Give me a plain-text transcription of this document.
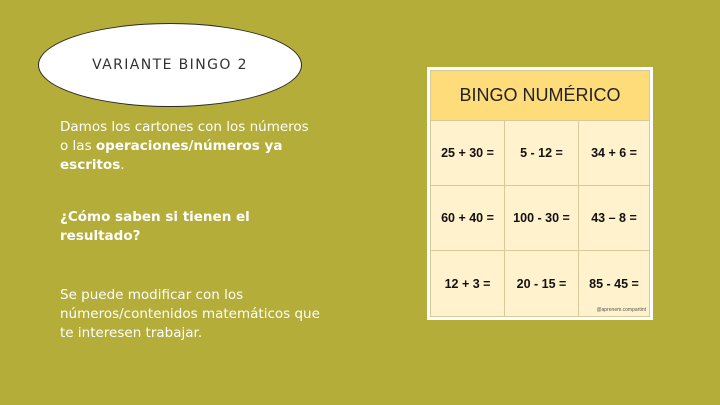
VARIANTE BINGO 2
Damos los cartones con los números o las operaciones/números ya escritos.
¿Cómo saben si tienen el resultado?
Se puede modificar con los números/contenidos matemáticos que te interesen trabajar.
BINGO NUMÉRICO
25 + 30 =	5 - 12 =	34 + 6 =
60 + 40 =	100 - 30 =	43 – 8 =
12 + 3 =	20 - 15 =	85 - 45 =
@aprenem.compartint
